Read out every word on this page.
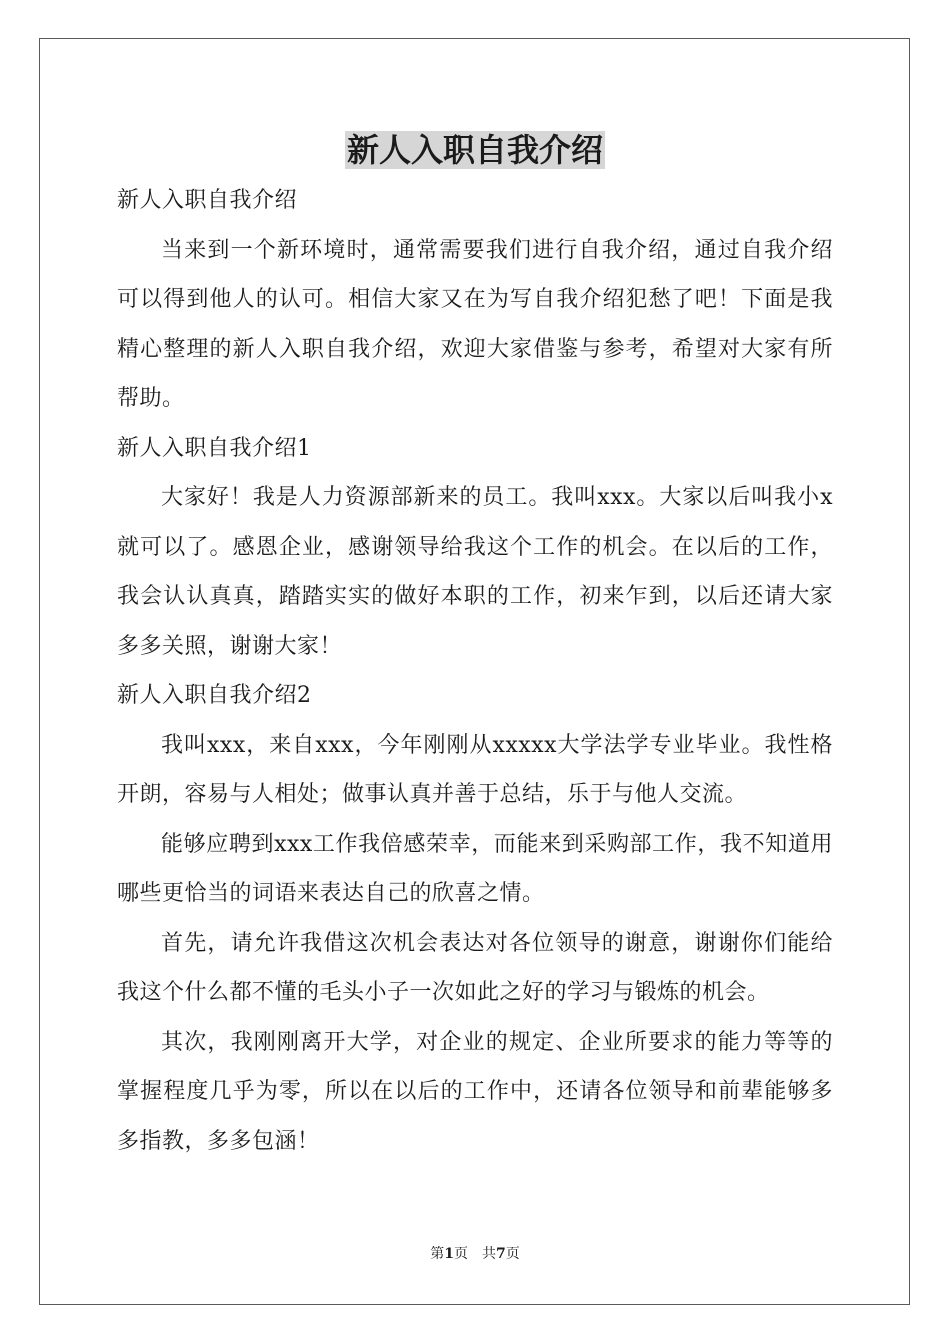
新人入职自我介绍

新人入职自我介绍

当来到一个新环境时，通常需要我们进行自我介绍，通过自我介绍可以得到他人的认可。相信大家又在为写自我介绍犯愁了吧！下面是我精心整理的新人入职自我介绍，欢迎大家借鉴与参考，希望对大家有所帮助。

新人入职自我介绍1

大家好！我是人力资源部新来的员工。我叫xxx。大家以后叫我小x就可以了。感恩企业，感谢领导给我这个工作的机会。在以后的工作，我会认认真真，踏踏实实的做好本职的工作，初来乍到，以后还请大家多多关照，谢谢大家！

新人入职自我介绍2

我叫xxx，来自xxx，今年刚刚从xxxxx大学法学专业毕业。我性格开朗，容易与人相处；做事认真并善于总结，乐于与他人交流。

能够应聘到xxx工作我倍感荣幸，而能来到采购部工作，我不知道用哪些更恰当的词语来表达自己的欣喜之情。

首先，请允许我借这次机会表达对各位领导的谢意，谢谢你们能给我这个什么都不懂的毛头小子一次如此之好的学习与锻炼的机会。

其次，我刚刚离开大学，对企业的规定、企业所要求的能力等等的掌握程度几乎为零，所以在以后的工作中，还请各位领导和前辈能够多多指教，多多包涵！

第1页 共7页
